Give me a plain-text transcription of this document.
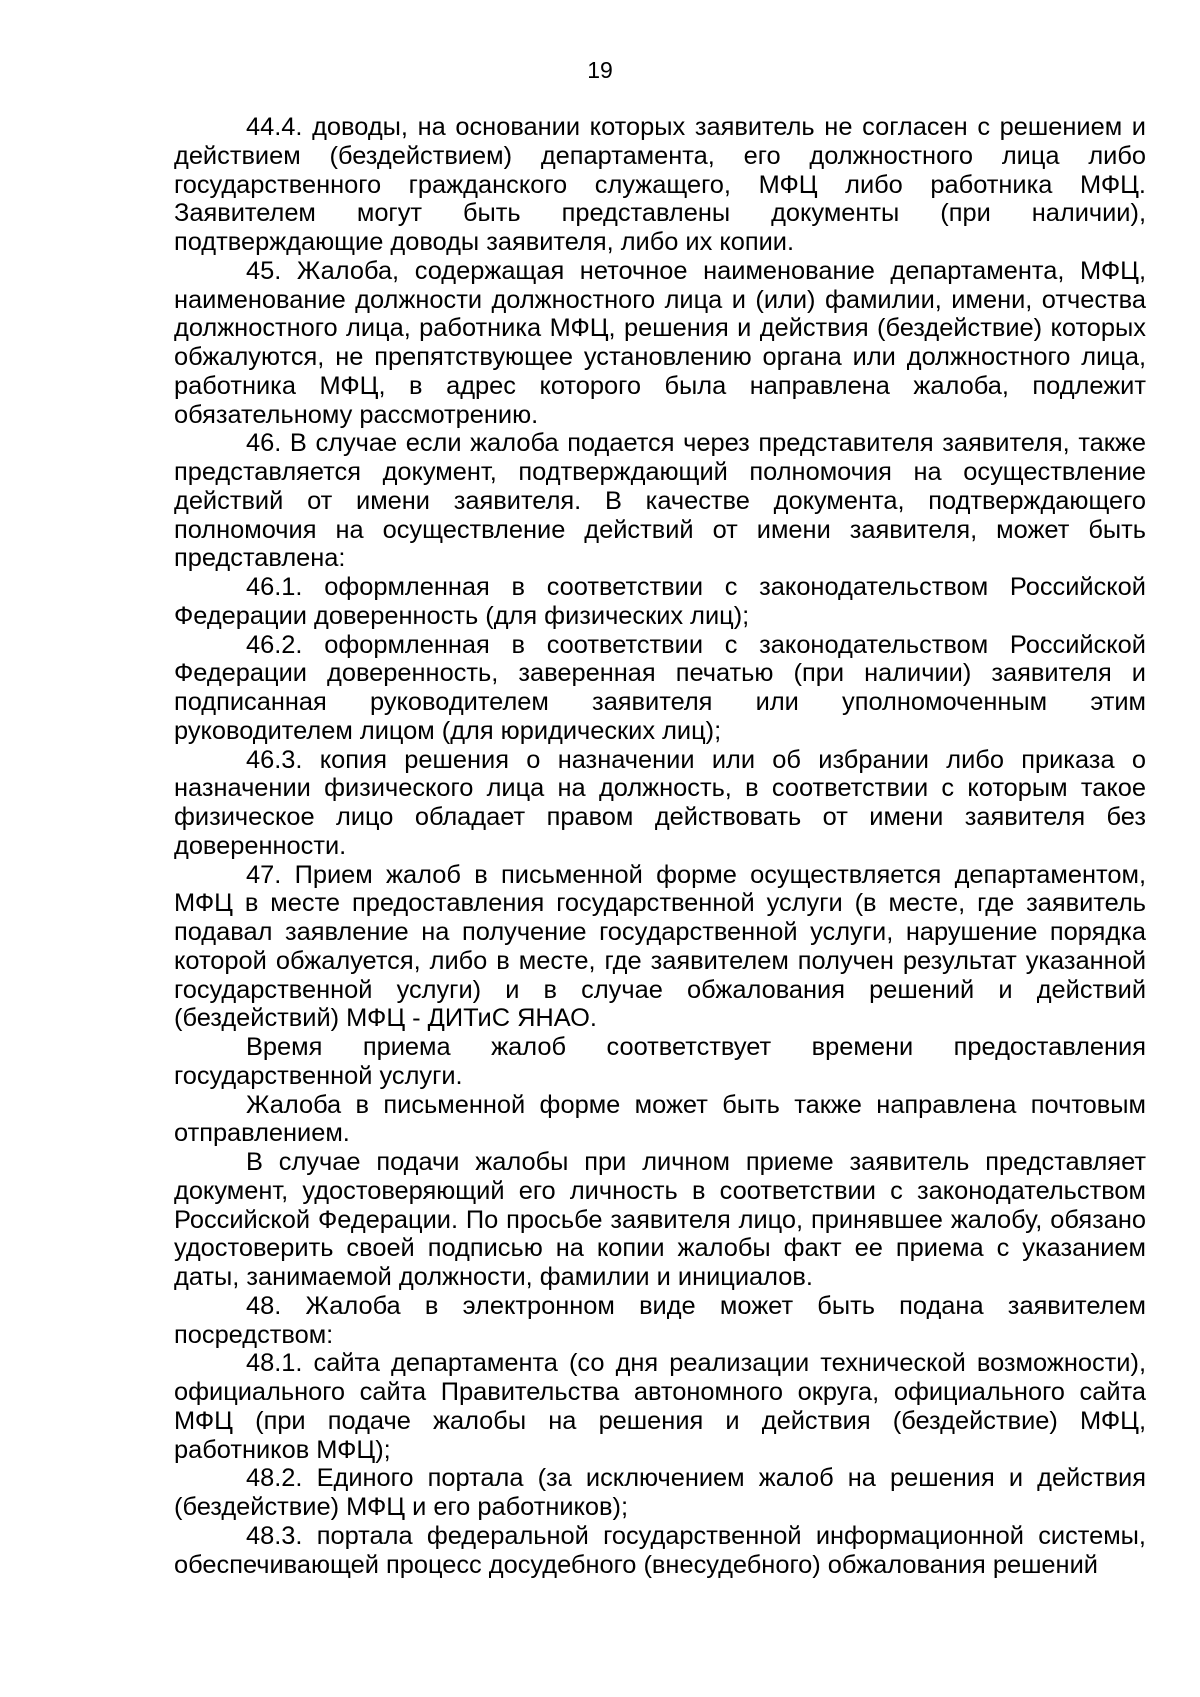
19

44.4. доводы, на основании которых заявитель не согласен с решением и действием (бездействием) департамента, его должностного лица либо государственного гражданского служащего, МФЦ либо работника МФЦ. Заявителем могут быть представлены документы (при наличии), подтверждающие доводы заявителя, либо их копии.

45. Жалоба, содержащая неточное наименование департамента, МФЦ, наименование должности должностного лица и (или) фамилии, имени, отчества должностного лица, работника МФЦ, решения и действия (бездействие) которых обжалуются, не препятствующее установлению органа или должностного лица, работника МФЦ, в адрес которого была направлена жалоба, подлежит обязательному рассмотрению.

46. В случае если жалоба подается через представителя заявителя, также представляется документ, подтверждающий полномочия на осуществление действий от имени заявителя. В качестве документа, подтверждающего полномочия на осуществление действий от имени заявителя, может быть представлена:

46.1. оформленная в соответствии с законодательством Российской Федерации доверенность (для физических лиц);

46.2. оформленная в соответствии с законодательством Российской Федерации доверенность, заверенная печатью (при наличии) заявителя и подписанная руководителем заявителя или уполномоченным этим руководителем лицом (для юридических лиц);

46.3. копия решения о назначении или об избрании либо приказа о назначении физического лица на должность, в соответствии с которым такое физическое лицо обладает правом действовать от имени заявителя без доверенности.

47. Прием жалоб в письменной форме осуществляется департаментом, МФЦ в месте предоставления государственной услуги (в месте, где заявитель подавал заявление на получение государственной услуги, нарушение порядка которой обжалуется, либо в месте, где заявителем получен результат указанной государственной услуги) и в случае обжалования решений и действий (бездействий) МФЦ - ДИТиС ЯНАО.

Время приема жалоб соответствует времени предоставления государственной услуги.

Жалоба в письменной форме может быть также направлена почтовым отправлением.

В случае подачи жалобы при личном приеме заявитель представляет документ, удостоверяющий его личность в соответствии с законодательством Российской Федерации. По просьбе заявителя лицо, принявшее жалобу, обязано удостоверить своей подписью на копии жалобы факт ее приема с указанием даты, занимаемой должности, фамилии и инициалов.

48. Жалоба в электронном виде может быть подана заявителем посредством:

48.1. сайта департамента (со дня реализации технической возможности), официального сайта Правительства автономного округа, официального сайта МФЦ (при подаче жалобы на решения и действия (бездействие) МФЦ, работников МФЦ);

48.2. Единого портала (за исключением жалоб на решения и действия (бездействие) МФЦ и его работников);

48.3. портала федеральной государственной информационной системы, обеспечивающей процесс досудебного (внесудебного) обжалования решений
